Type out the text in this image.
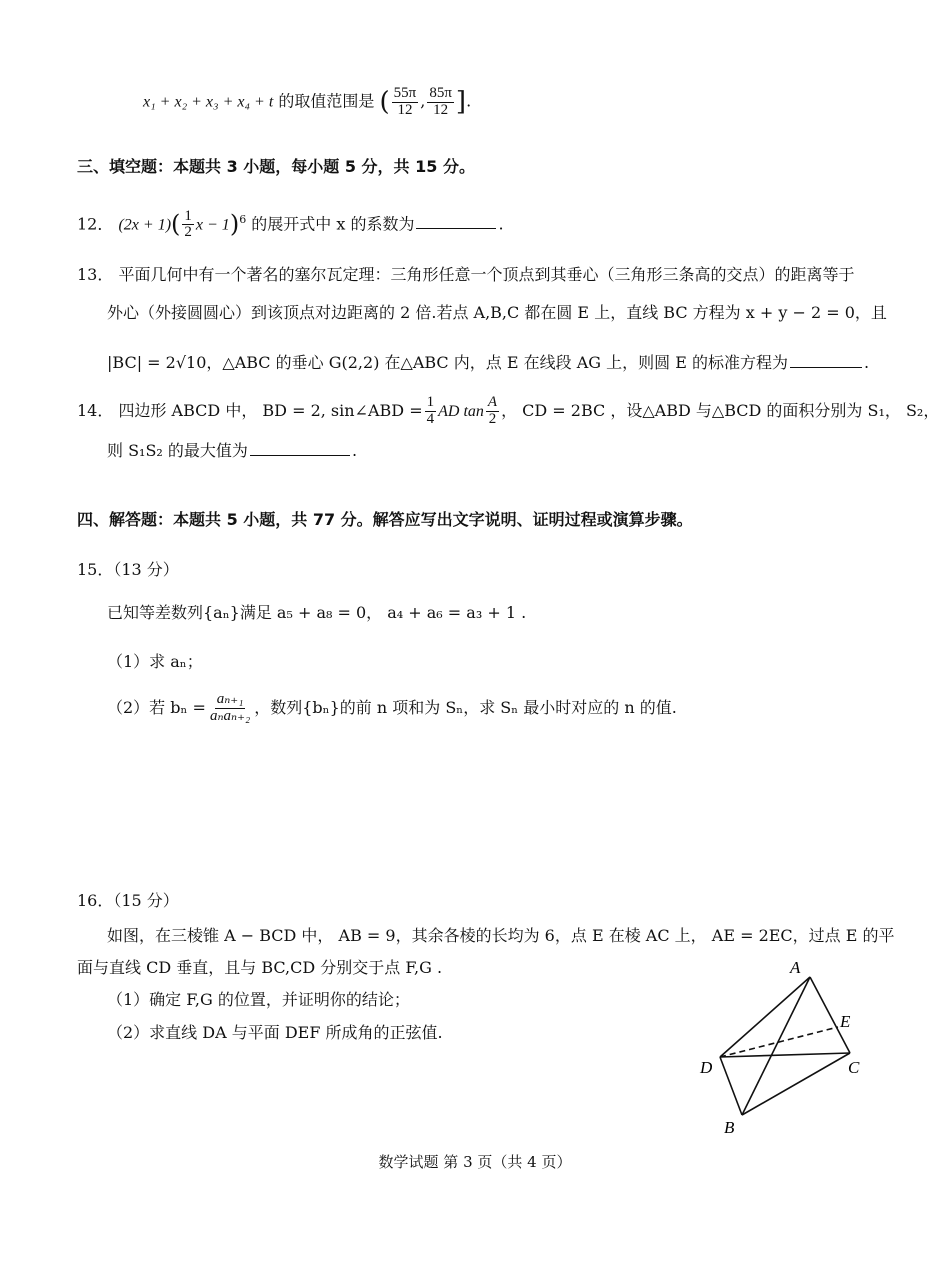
x₁ + x₂ + x₃ + x₄ + t 的取值范围是 ( $\frac{55\pi}{12}$ , $\frac{85\pi}{12}$ ].
三、填空题：本题共 3 小题，每小题 5 分，共 15 分。
12． $(2x + 1)( \frac{1}{2}$ $x - 1)^6$ 的展开式中 x 的系数为	.
13． 平面几何中有一个著名的塞尔瓦定理：三角形任意一个顶点到其垂心（三角形三条高的交点）的距离等于
外心（外接圆圆心）到该顶点对边距离的 2 倍.若点 A,B,C 都在圆 E 上，直线 BC 方程为 x + y − 2 = 0，且
|BC| = 2√10，△ABC 的垂心 G(2,2) 在△ABC 内，点 E 在线段 AG 上，则圆 E 的标准方程为	.
14． 四边形 ABCD 中， BD = 2, sin∠ABD = $\frac{1}{4}$ AD $\tan \frac{A}{2}$ ， CD = 2BC ，设△ABD 与△BCD 的面积分别为 S₁， S₂，
则 S₁S₂ 的最大值为	.
四、解答题：本题共 5 小题，共 77 分。解答应写出文字说明、证明过程或演算步骤。
15．（13 分）
已知等差数列{aₙ}满足 a₅ + a₈ = 0， a₄ + a₆ = a₃ + 1 .
（1）求 aₙ；
（2）若 $b_n = \frac{\text{aₙ₊₁}}{\text{aₙaₙ₊₂}}$ ，数列{bₙ}的前 n 项和为 Sₙ，求 Sₙ 最小时对应的 n 的值.
16．（15 分）
如图，在三棱锥 A − BCD 中， AB = 9，其余各棱的长均为 6，点 E 在棱 AC 上， AE = 2EC，过点 E 的平
面与直线 CD 垂直，且与 BC,CD 分别交于点 F,G .
（1）确定 F,G 的位置，并证明你的结论；
（2）求直线 DA 与平面 DEF 所成角的正弦值.
A
E
D	C
B
数学试题 第 3 页（共 4 页）
